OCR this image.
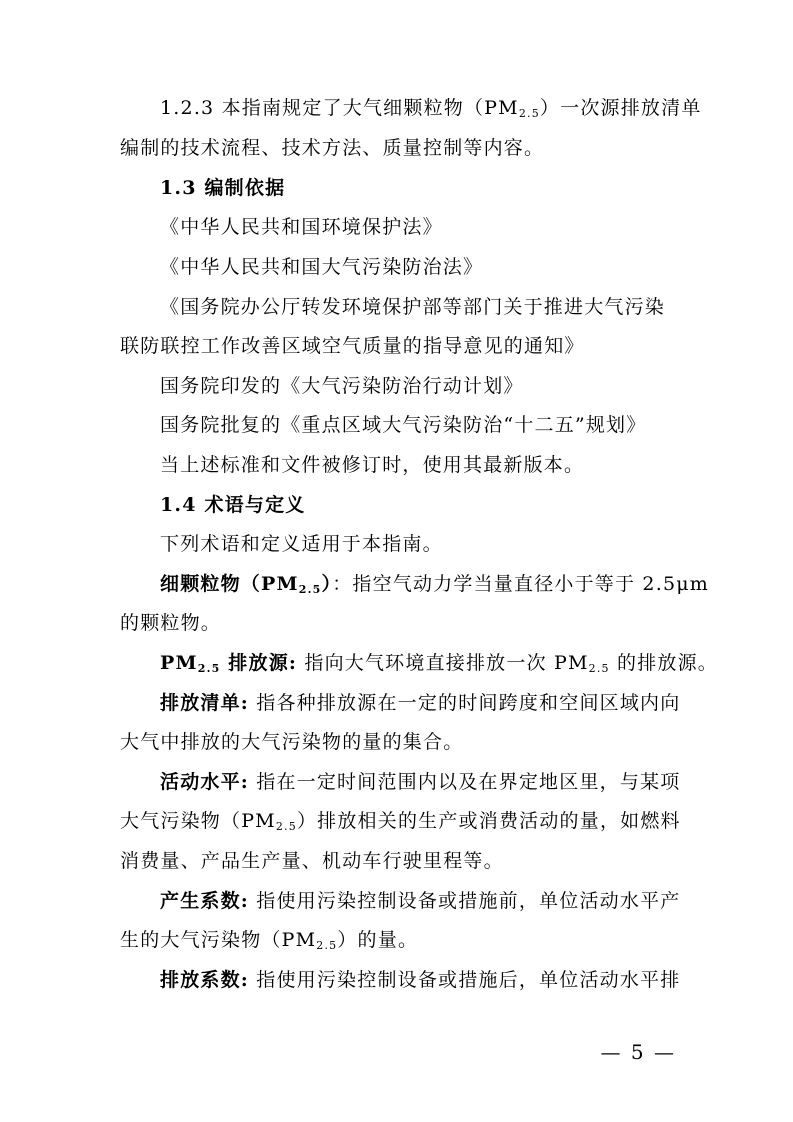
1.2.3 本指南规定了大气细颗粒物$(PM_{2.5})$一次源排放清单
编制的技术流程、技术方法、质量控制等内容。
1.3 编制依据
《中华人民共和国环境保护法》
《中华人民共和国大气污染防治法》
《国务院办公厅转发环境保护部等部门关于推进大气污染
联防联控工作改善区域空气质量的指导意见的通知》
国务院印发的《大气污染防治行动计划》
国务院批复的《重点区域大气污染防治“十二五”规划》
当上述标准和文件被修订时，使用其最新版本。
1.4 术语与定义
下列术语和定义适用于本指南。
细颗粒物$(PM_{2.5})$：指空气动力学当量直径小于等于 2.5μm
的颗粒物。
$PM_{2.5}$ 排放源: 指向大气环境直接排放一次 $PM_{2.5}$ 的排放源。
排放清单: 指各种排放源在一定的时间跨度和空间区域内向
大气中排放的大气污染物的量的集合。
活动水平: 指在一定时间范围内以及在界定地区里，与某项
大气污染物$(PM_{2.5})$排放相关的生产或消费活动的量，如燃料
消费量、产品生产量、机动车行驶里程等。
产生系数: 指使用污染控制设备或措施前，单位活动水平产
生的大气污染物$(PM_{2.5})$的量。
排放系数: 指使用污染控制设备或措施后，单位活动水平排
— 5 —
